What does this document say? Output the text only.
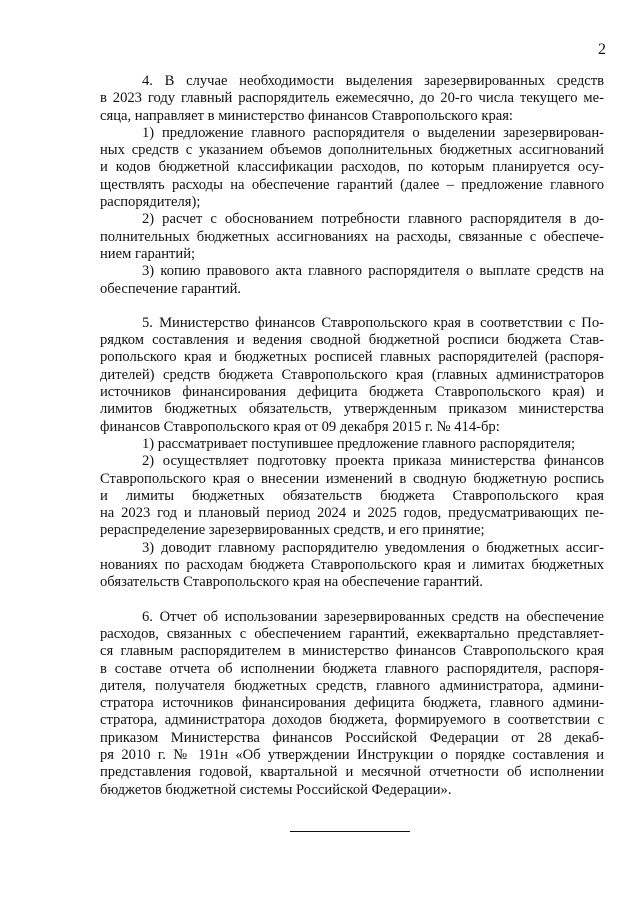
2
4. В случае необходимости выделения зарезервированных средств
в 2023 году главный распорядитель ежемесячно, до 20-го числа текущего ме-
сяца, направляет в министерство финансов Ставропольского края:
1) предложение главного распорядителя о выделении зарезервирован-
ных средств с указанием объемов дополнительных бюджетных ассигнований
и кодов бюджетной классификации расходов, по которым планируется осу-
ществлять расходы на обеспечение гарантий (далее – предложение главного
распорядителя);
2) расчет с обоснованием потребности главного распорядителя в до-
полнительных бюджетных ассигнованиях на расходы, связанные с обеспече-
нием гарантий;
3) копию правового акта главного распорядителя о выплате средств на
обеспечение гарантий.
5. Министерство финансов Ставропольского края в соответствии с По-
рядком составления и ведения сводной бюджетной росписи бюджета Став-
ропольского края и бюджетных росписей главных распорядителей (распоря-
дителей) средств бюджета Ставропольского края (главных администраторов
источников финансирования дефицита бюджета Ставропольского края) и
лимитов бюджетных обязательств, утвержденным приказом министерства
финансов Ставропольского края от 09 декабря 2015 г. № 414-бр:
1) рассматривает поступившее предложение главного распорядителя;
2) осуществляет подготовку проекта приказа министерства финансов
Ставропольского края о внесении изменений в сводную бюджетную роспись
и лимиты бюджетных обязательств бюджета Ставропольского края
на 2023 год и плановый период 2024 и 2025 годов, предусматривающих пе-
рераспределение зарезервированных средств, и его принятие;
3) доводит главному распорядителю уведомления о бюджетных ассиг-
нованиях по расходам бюджета Ставропольского края и лимитах бюджетных
обязательств Ставропольского края на обеспечение гарантий.
6. Отчет об использовании зарезервированных средств на обеспечение
расходов, связанных с обеспечением гарантий, ежеквартально представляет-
ся главным распорядителем в министерство финансов Ставропольского края
в составе отчета об исполнении бюджета главного распорядителя, распоря-
дителя, получателя бюджетных средств, главного администратора, админи-
стратора источников финансирования дефицита бюджета, главного админи-
стратора, администратора доходов бюджета, формируемого в соответствии с
приказом Министерства финансов Российской Федерации от 28 декаб-
ря 2010 г. № 191н «Об утверждении Инструкции о порядке составления и
представления годовой, квартальной и месячной отчетности об исполнении
бюджетов бюджетной системы Российской Федерации».
